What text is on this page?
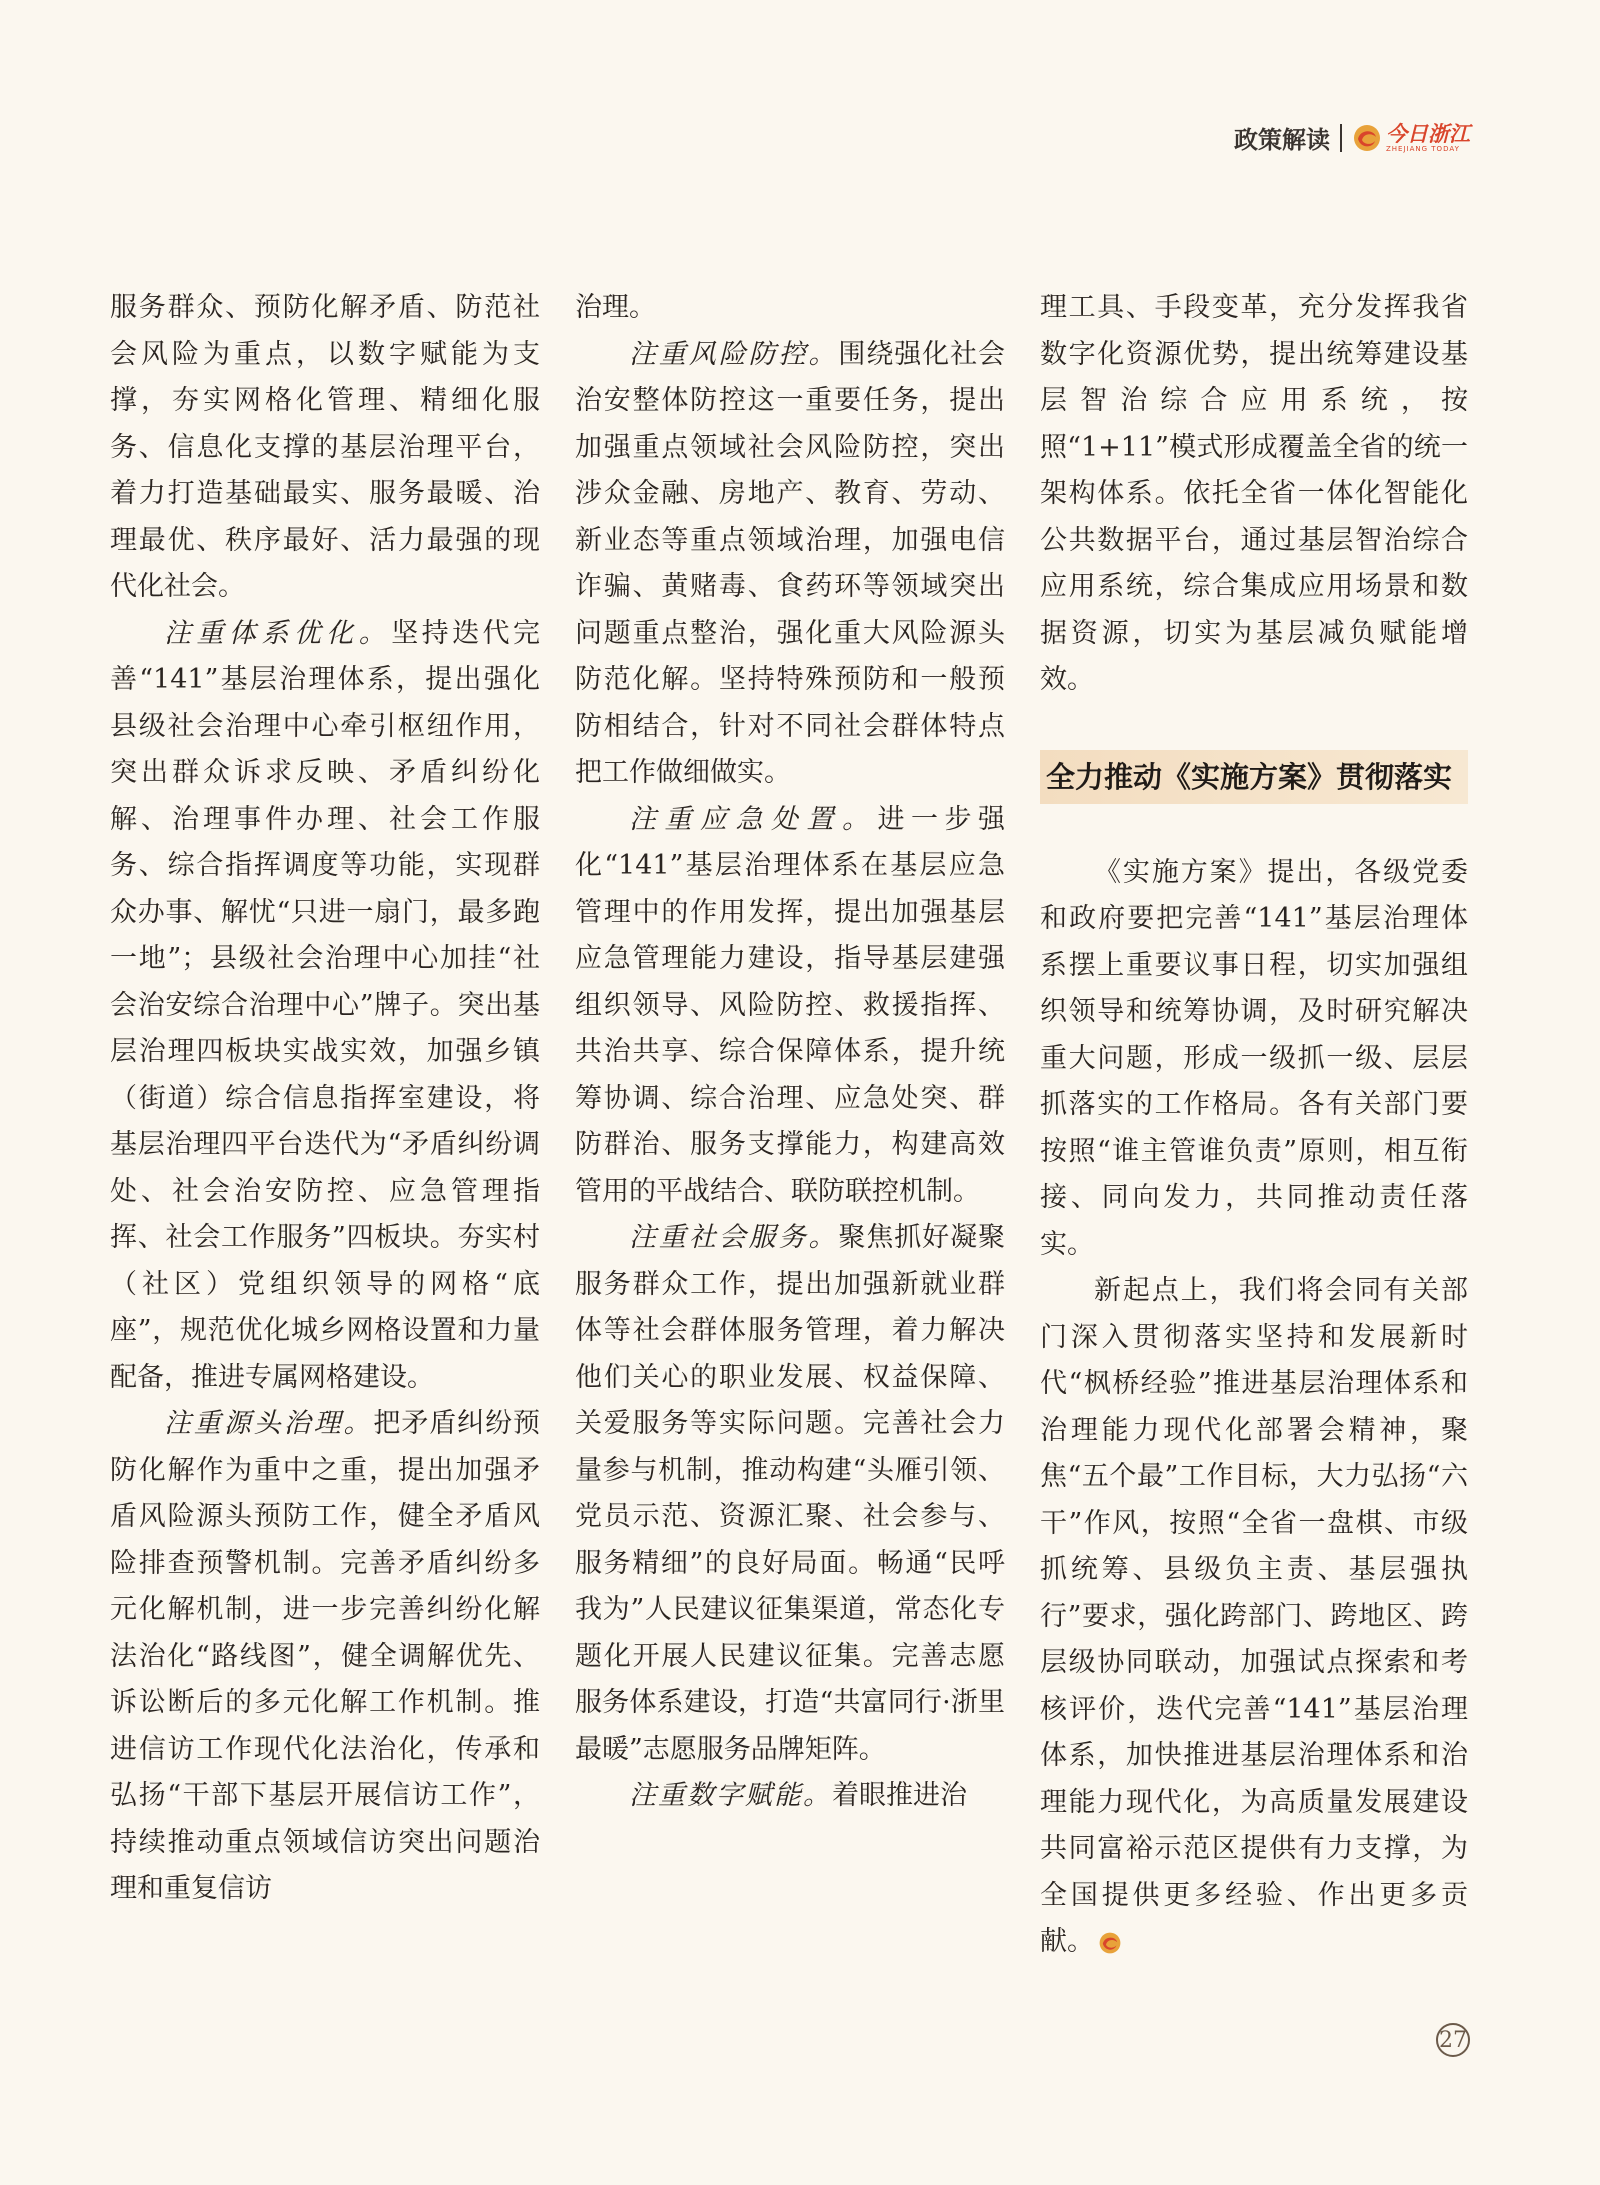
政策解读	今日浙江
ZHEJIANG TODAY

服务群众、预防化解矛盾、防范社会风险为重点，以数字赋能为支撑，夯实网格化管理、精细化服务、信息化支撑的基层治理平台，着力打造基础最实、服务最暖、治理最优、秩序最好、活力最强的现代化社会。

注重体系优化。坚持迭代完善“141”基层治理体系，提出强化县级社会治理中心牵引枢纽作用，突出群众诉求反映、矛盾纠纷化解、治理事件办理、社会工作服务、综合指挥调度等功能，实现群众办事、解忧“只进一扇门，最多跑一地”；县级社会治理中心加挂“社会治安综合治理中心”牌子。突出基层治理四板块实战实效，加强乡镇（街道）综合信息指挥室建设，将基层治理四平台迭代为“矛盾纠纷调处、社会治安防控、应急管理指挥、社会工作服务”四板块。夯实村（社区）党组织领导的网格“底座”，规范优化城乡网格设置和力量配备，推进专属网格建设。

注重源头治理。把矛盾纠纷预防化解作为重中之重，提出加强矛盾风险源头预防工作，健全矛盾风险排查预警机制。完善矛盾纠纷多元化解机制，进一步完善纠纷化解法治化“路线图”，健全调解优先、诉讼断后的多元化解工作机制。推进信访工作现代化法治化，传承和弘扬“干部下基层开展信访工作”，持续推动重点领域信访突出问题治理和重复信访

治理。

注重风险防控。围绕强化社会治安整体防控这一重要任务，提出加强重点领域社会风险防控，突出涉众金融、房地产、教育、劳动、新业态等重点领域治理，加强电信诈骗、黄赌毒、食药环等领域突出问题重点整治，强化重大风险源头防范化解。坚持特殊预防和一般预防相结合，针对不同社会群体特点把工作做细做实。

注重应急处置。进一步强化“141”基层治理体系在基层应急管理中的作用发挥，提出加强基层应急管理能力建设，指导基层建强组织领导、风险防控、救援指挥、共治共享、综合保障体系，提升统筹协调、综合治理、应急处突、群防群治、服务支撑能力，构建高效管用的平战结合、联防联控机制。

注重社会服务。聚焦抓好凝聚服务群众工作，提出加强新就业群体等社会群体服务管理，着力解决他们关心的职业发展、权益保障、关爱服务等实际问题。完善社会力量参与机制，推动构建“头雁引领、党员示范、资源汇聚、社会参与、服务精细”的良好局面。畅通“民呼我为”人民建议征集渠道，常态化专题化开展人民建议征集。完善志愿服务体系建设，打造“共富同行·浙里最暖”志愿服务品牌矩阵。

注重数字赋能。着眼推进治

理工具、手段变革，充分发挥我省数字化资源优势，提出统筹建设基层智治综合应用系统，按照“1+11”模式形成覆盖全省的统一架构体系。依托全省一体化智能化公共数据平台，通过基层智治综合应用系统，综合集成应用场景和数据资源，切实为基层减负赋能增效。

全力推动《实施方案》贯彻落实

《实施方案》提出，各级党委和政府要把完善“141”基层治理体系摆上重要议事日程，切实加强组织领导和统筹协调，及时研究解决重大问题，形成一级抓一级、层层抓落实的工作格局。各有关部门要按照“谁主管谁负责”原则，相互衔接、同向发力，共同推动责任落实。

新起点上，我们将会同有关部门深入贯彻落实坚持和发展新时代“枫桥经验”推进基层治理体系和治理能力现代化部署会精神，聚焦“五个最”工作目标，大力弘扬“六干”作风，按照“全省一盘棋、市级抓统筹、县级负主责、基层强执行”要求，强化跨部门、跨地区、跨层级协同联动，加强试点探索和考核评价，迭代完善“141”基层治理体系，加快推进基层治理体系和治理能力现代化，为高质量发展建设共同富裕示范区提供有力支撑，为全国提供更多经验、作出更多贡献。

27
